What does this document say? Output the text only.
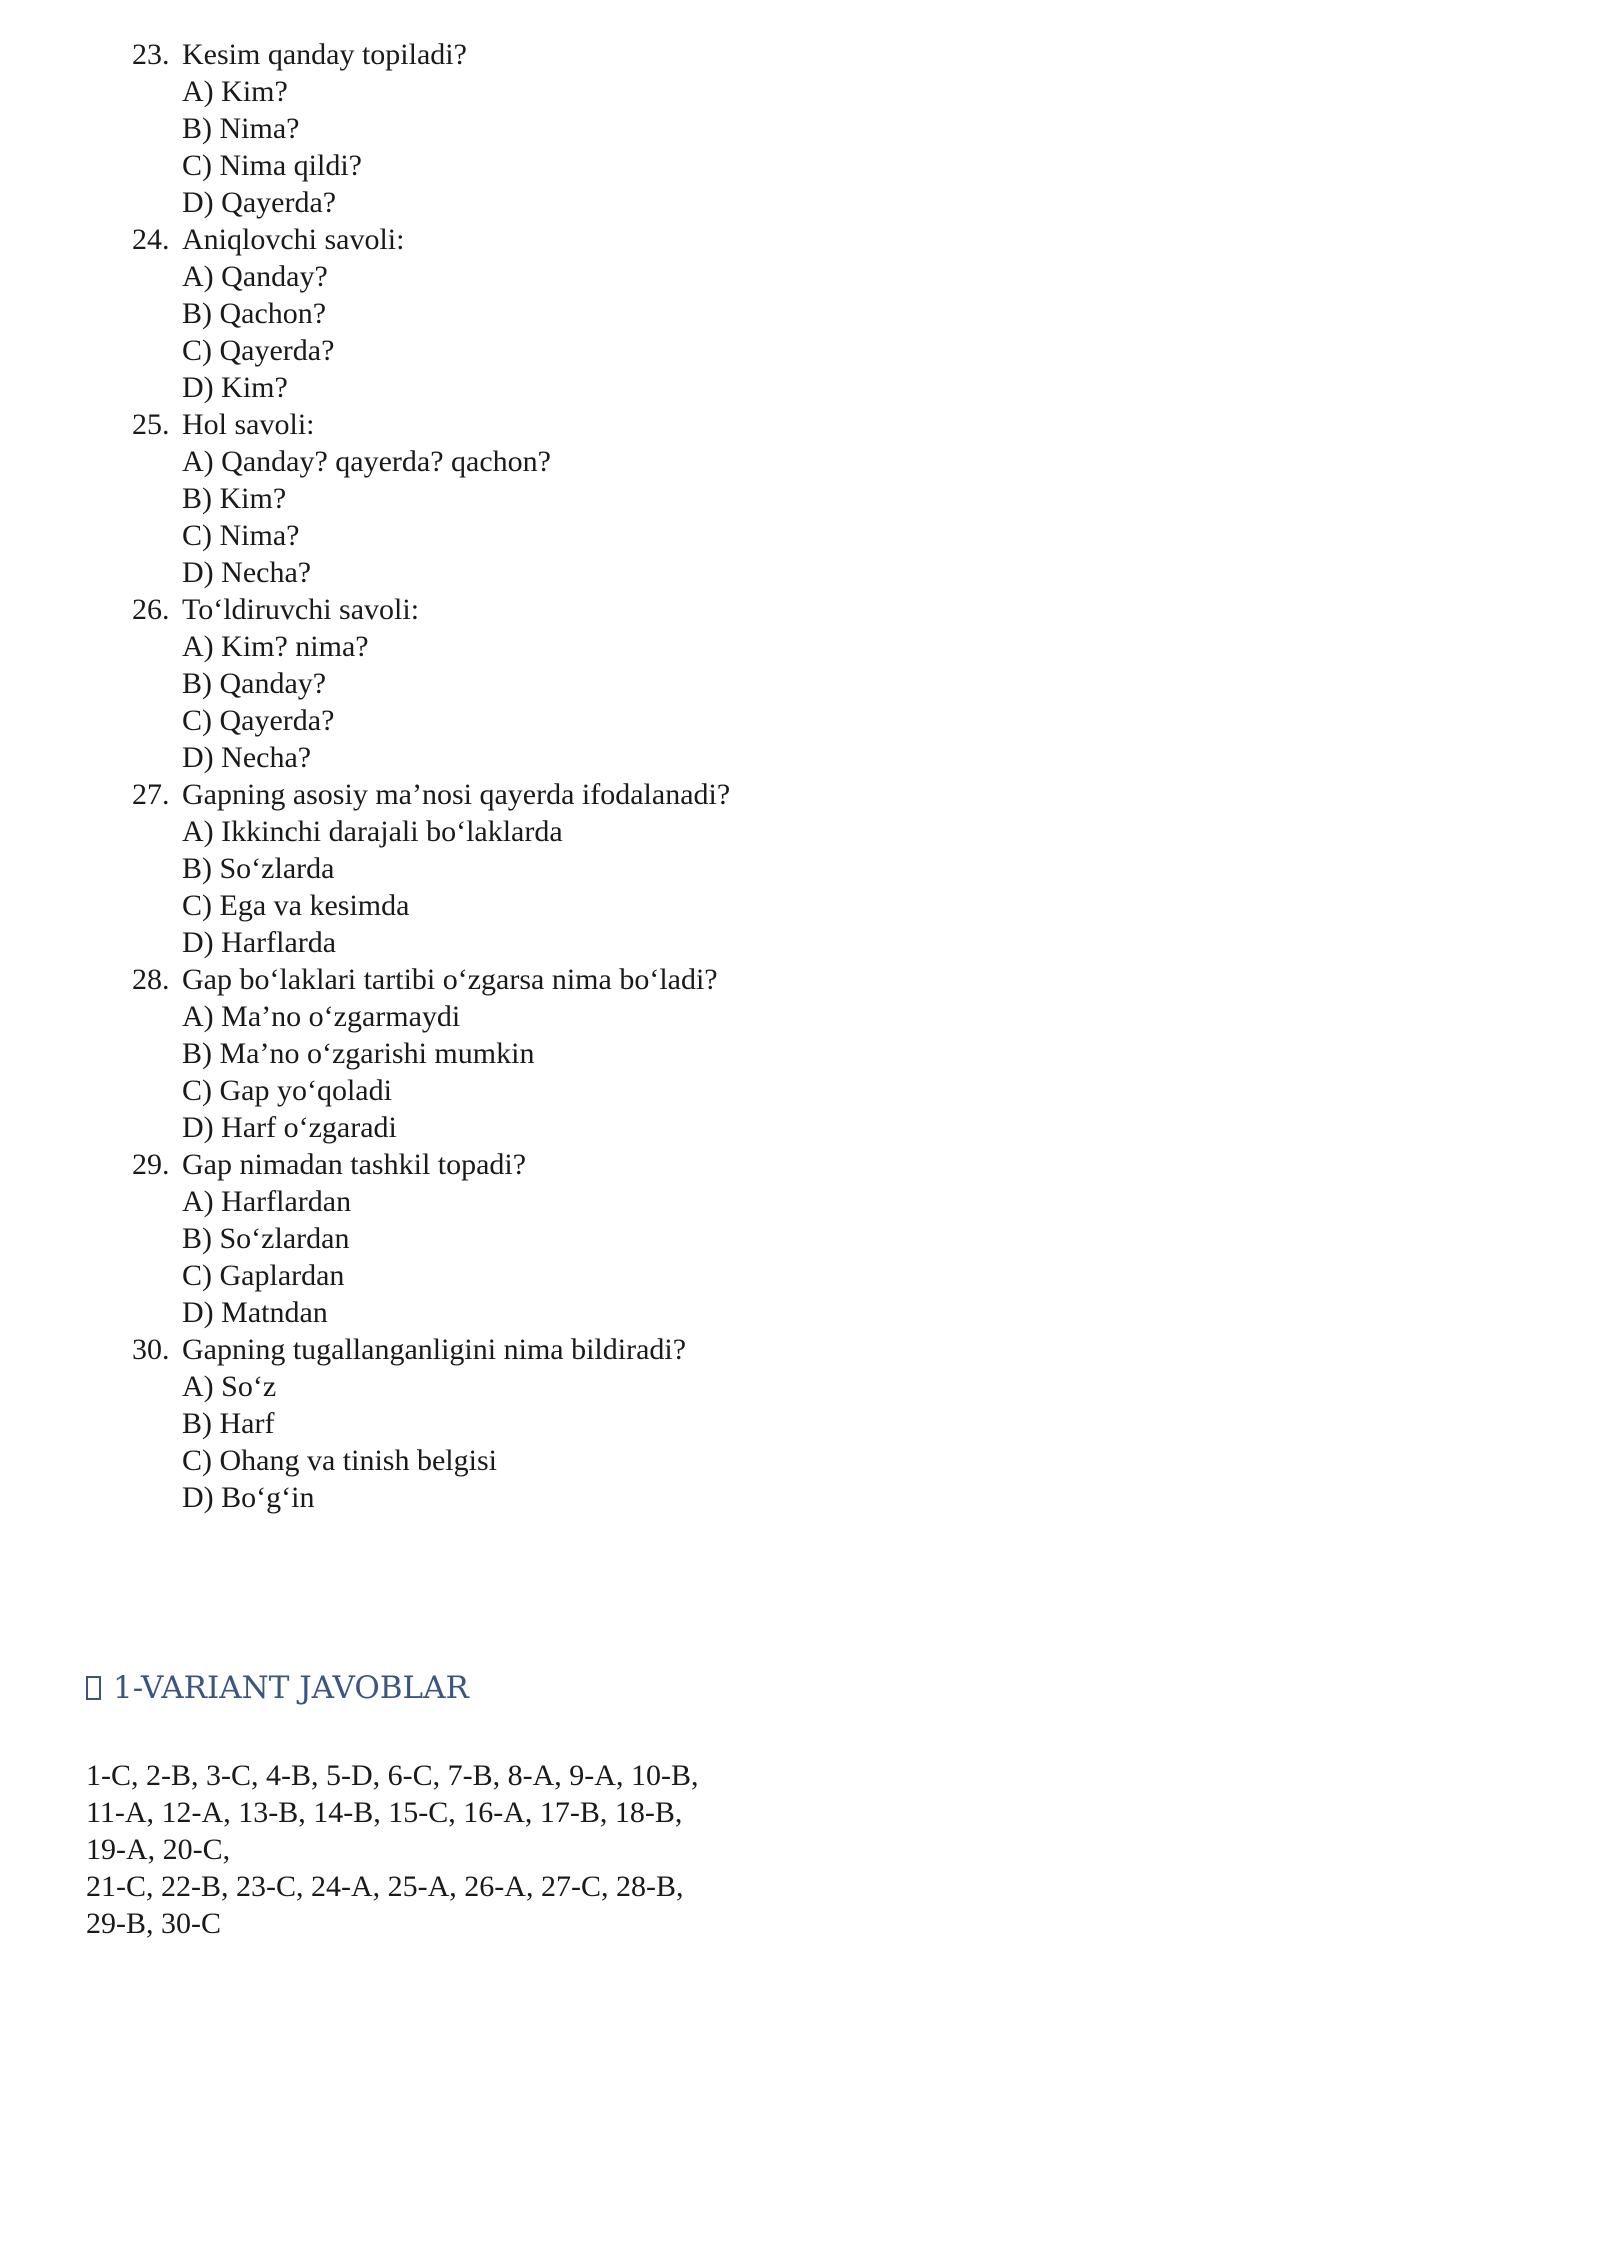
23. Kesim qanday topiladi?
A) Kim?
B) Nima?
C) Nima qildi?
D) Qayerda?
24. Aniqlovchi savoli:
A) Qanday?
B) Qachon?
C) Qayerda?
D) Kim?
25. Hol savoli:
A) Qanday? qayerda? qachon?
B) Kim?
C) Nima?
D) Necha?
26. To‘ldiruvchi savoli:
A) Kim? nima?
B) Qanday?
C) Qayerda?
D) Necha?
27. Gapning asosiy ma’nosi qayerda ifodalanadi?
A) Ikkinchi darajali bo‘laklarda
B) So‘zlarda
C) Ega va kesimda
D) Harflarda
28. Gap bo‘laklari tartibi o‘zgarsa nima bo‘ladi?
A) Ma’no o‘zgarmaydi
B) Ma’no o‘zgarishi mumkin
C) Gap yo‘qoladi
D) Harf o‘zgaradi
29. Gap nimadan tashkil topadi?
A) Harflardan
B) So‘zlardan
C) Gaplardan
D) Matndan
30. Gapning tugallanganligini nima bildiradi?
A) So‘z
B) Harf
C) Ohang va tinish belgisi
D) Bo‘g‘in
1-VARIANT JAVOBLAR

1-C, 2-B, 3-C, 4-B, 5-D, 6-C, 7-B, 8-A, 9-A, 10-B,

11-A, 12-A, 13-B, 14-B, 15-C, 16-A, 17-B, 18-B, 19-A, 20-C,

21-C, 22-B, 23-C, 24-A, 25-A, 26-A, 27-C, 28-B, 29-B, 30-C
